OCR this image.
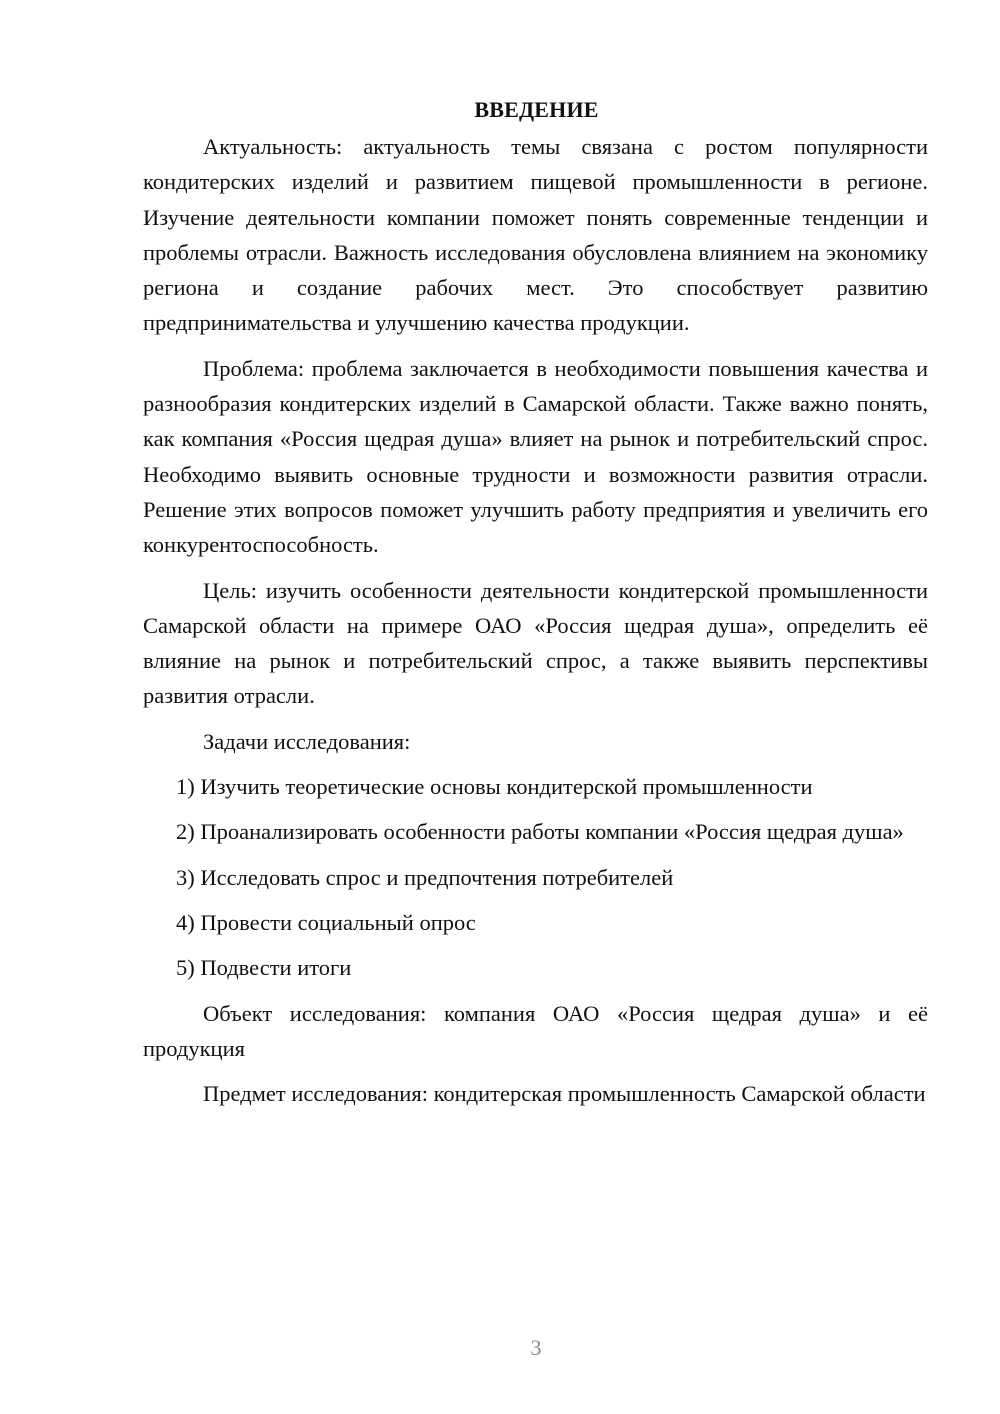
ВВЕДЕНИЕ

Актуальность: актуальность темы связана с ростом популярности кондитерских изделий и развитием пищевой промышленности в регионе. Изучение деятельности компании поможет понять современные тенденции и проблемы отрасли. Важность исследования обусловлена влиянием на экономику региона и создание рабочих мест. Это способствует развитию предпринимательства и улучшению качества продукции.

Проблема: проблема заключается в необходимости повышения качества и разнообразия кондитерских изделий в Самарской области. Также важно понять, как компания «Россия щедрая душа» влияет на рынок и потребительский спрос. Необходимо выявить основные трудности и возможности развития отрасли. Решение этих вопросов поможет улучшить работу предприятия и увеличить его конкурентоспособность.

Цель: изучить особенности деятельности кондитерской промышленности Самарской области на примере ОАО «Россия щедрая душа», определить её влияние на рынок и потребительский спрос, а также выявить перспективы развития отрасли.

Задачи исследования:

1) Изучить теоретические основы кондитерской промышленности

2) Проанализировать особенности работы компании «Россия щедрая душа»

3) Исследовать спрос и предпочтения потребителей

4) Провести социальный опрос

5) Подвести итоги

Объект исследования: компания ОАО «Россия щедрая душа» и её продукция

Предмет исследования: кондитерская промышленность Самарской области

3
